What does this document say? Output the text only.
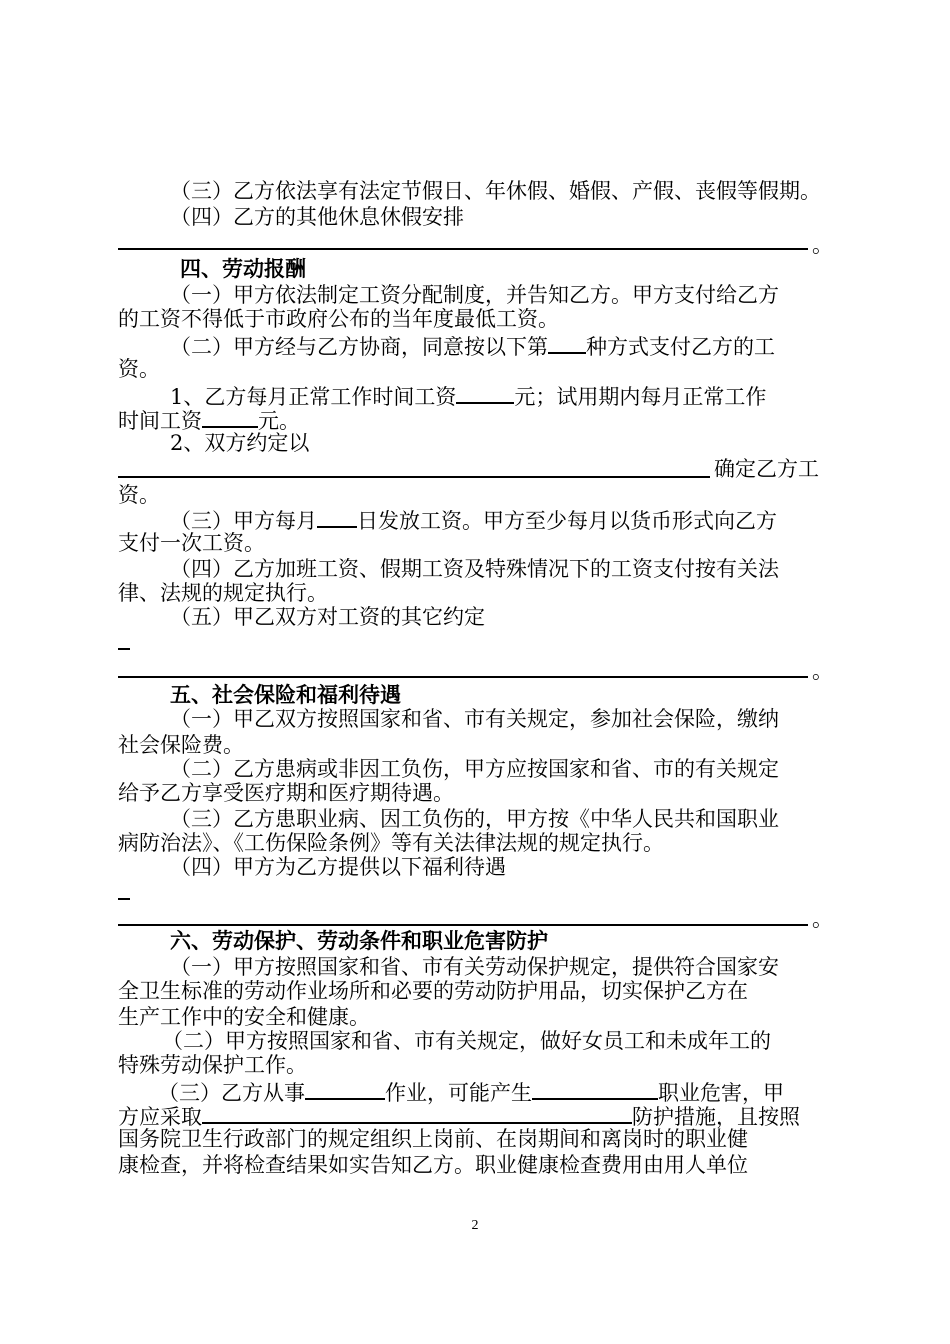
（三）乙方依法享有法定节假日、年休假、婚假、产假、丧假等假期。
（四）乙方的其他休息休假安排
。
四、劳动报酬
（一）甲方依法制定工资分配制度，并告知乙方。甲方支付给乙方
的工资不得低于市政府公布的当年度最低工资。
（二）甲方经与乙方协商，同意按以下第 种方式支付乙方的工
资。
1、乙方每月正常工作时间工资	元；试用期内每月正常工作
时间工资	元。
2、双方约定以
确定乙方工
资。
（三）甲方每月 日发放工资。甲方至少每月以货币形式向乙方
支付一次工资。
（四）乙方加班工资、假期工资及特殊情况下的工资支付按有关法
律、法规的规定执行。
（五）甲乙双方对工资的其它约定
。
五、社会保险和福利待遇
（一）甲乙双方按照国家和省、市有关规定，参加社会保险，缴纳
社会保险费。
（二）乙方患病或非因工负伤，甲方应按国家和省、市的有关规定
给予乙方享受医疗期和医疗期待遇。
（三）乙方患职业病、因工负伤的，甲方按《中华人民共和国职业
病防治法》、《工伤保险条例》等有关法律法规的规定执行。
（四）甲方为乙方提供以下福利待遇
。
六、劳动保护、劳动条件和职业危害防护
（一）甲方按照国家和省、市有关劳动保护规定，提供符合国家安
全卫生标准的劳动作业场所和必要的劳动防护用品，切实保护乙方在
生产工作中的安全和健康。
（二）甲方按照国家和省、市有关规定，做好女员工和未成年工的
特殊劳动保护工作。
（三）乙方从事	作业，可能产生	职业危害，甲
方应采取	防护措施，且按照
国务院卫生行政部门的规定组织上岗前、在岗期间和离岗时的职业健
康检查，并将检查结果如实告知乙方。职业健康检查费用由用人单位
2
